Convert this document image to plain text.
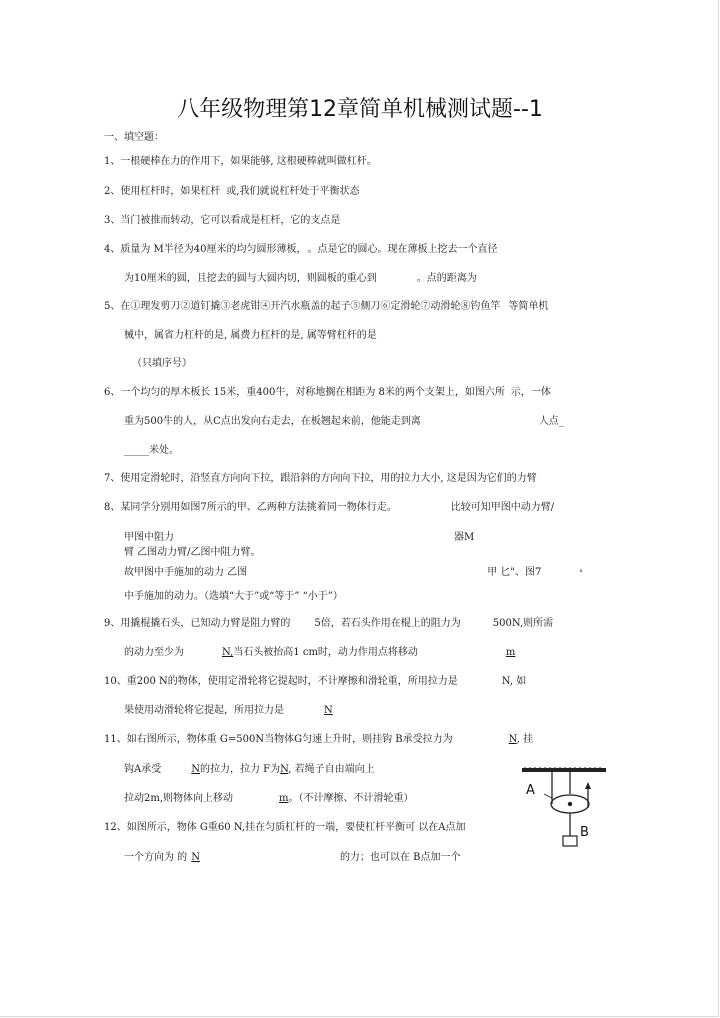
八年级物理第12章简单机械测试题--1
一、填空题：
1、一根硬棒在力的作用下，如果能够, 这根硬棒就叫做杠杆。
2、使用杠杆时，如果杠杆 或,我们就说杠杆处于平衡状态
3、当门被推而转动，它可以看成是杠杆，它的支点是
4、质量为 M半径为40厘米的均匀圆形薄板， 。点是它的圆心。现在薄板上挖去一个直径
为10厘米的圆，且挖去的圆与大圆内切，则圆板的重心到	。点的距离为
5、在①理发剪刀②道钉撬③老虎钳④开汽水瓶盖的起子⑤侧刀⑥定滑轮⑦动滑轮⑧钓鱼竿 等简单机
械中，属省力杠杆的是, 属费力杠杆的是, 属等臂杠杆的是
（只填序号）
6、一个均匀的厚木板长 15米，重400牛，对称地搁在相距为 8米的两个支架上，如图六所 示，一体
重为500牛的人，从C点出发向右走去，在板翘起来前，他能走到离	人点_
_____米处。
7、使用定滑轮时，沿竖直方向向下拉，跟沿斜的方向向下拉，用的拉力大小, 这是因为它们的力臂
8、某同学分别用如图7所示的甲、乙两种方法挑着同一物体行走。	比较可知甲图中动力臂/
甲图中阻力	器M
臂 乙图动力臂/乙图中阻力臂。
故甲图中手施加的动力 乙图	甲 匕"、图7	°
中手施加的动力。（选填“大于”或“等于” “小于”）
9、用撬棍撬石头，已知动力臂是阻力臂的 5倍，若石头作用在棍上的阻力为	500N,则所需
的动力至少为	N,当石头被抬高1 cm时，动力作用点将移动	m
10、重200 N的物体，使用定滑轮将它提起时，不计摩擦和滑轮重，所用拉力是	N, 如
果使用动滑轮将它提起，所用拉力是	N
11、如右图所示，物体重 G=500N当物体G匀速上升时，则挂钩 B承受拉力为	N, 挂
钩A承受	N的拉力，拉力 F为N, 若绳子自由端向上
拉动2m,则物体向上移动	m。（不计摩擦、不计滑轮重）
12、如图所示，物体 G重60 N,挂在匀质杠杆的一端，要使杠杆平衡可 以在A点加
一个方向为 的 N	的力；也可以在 B点加一个
A
B
